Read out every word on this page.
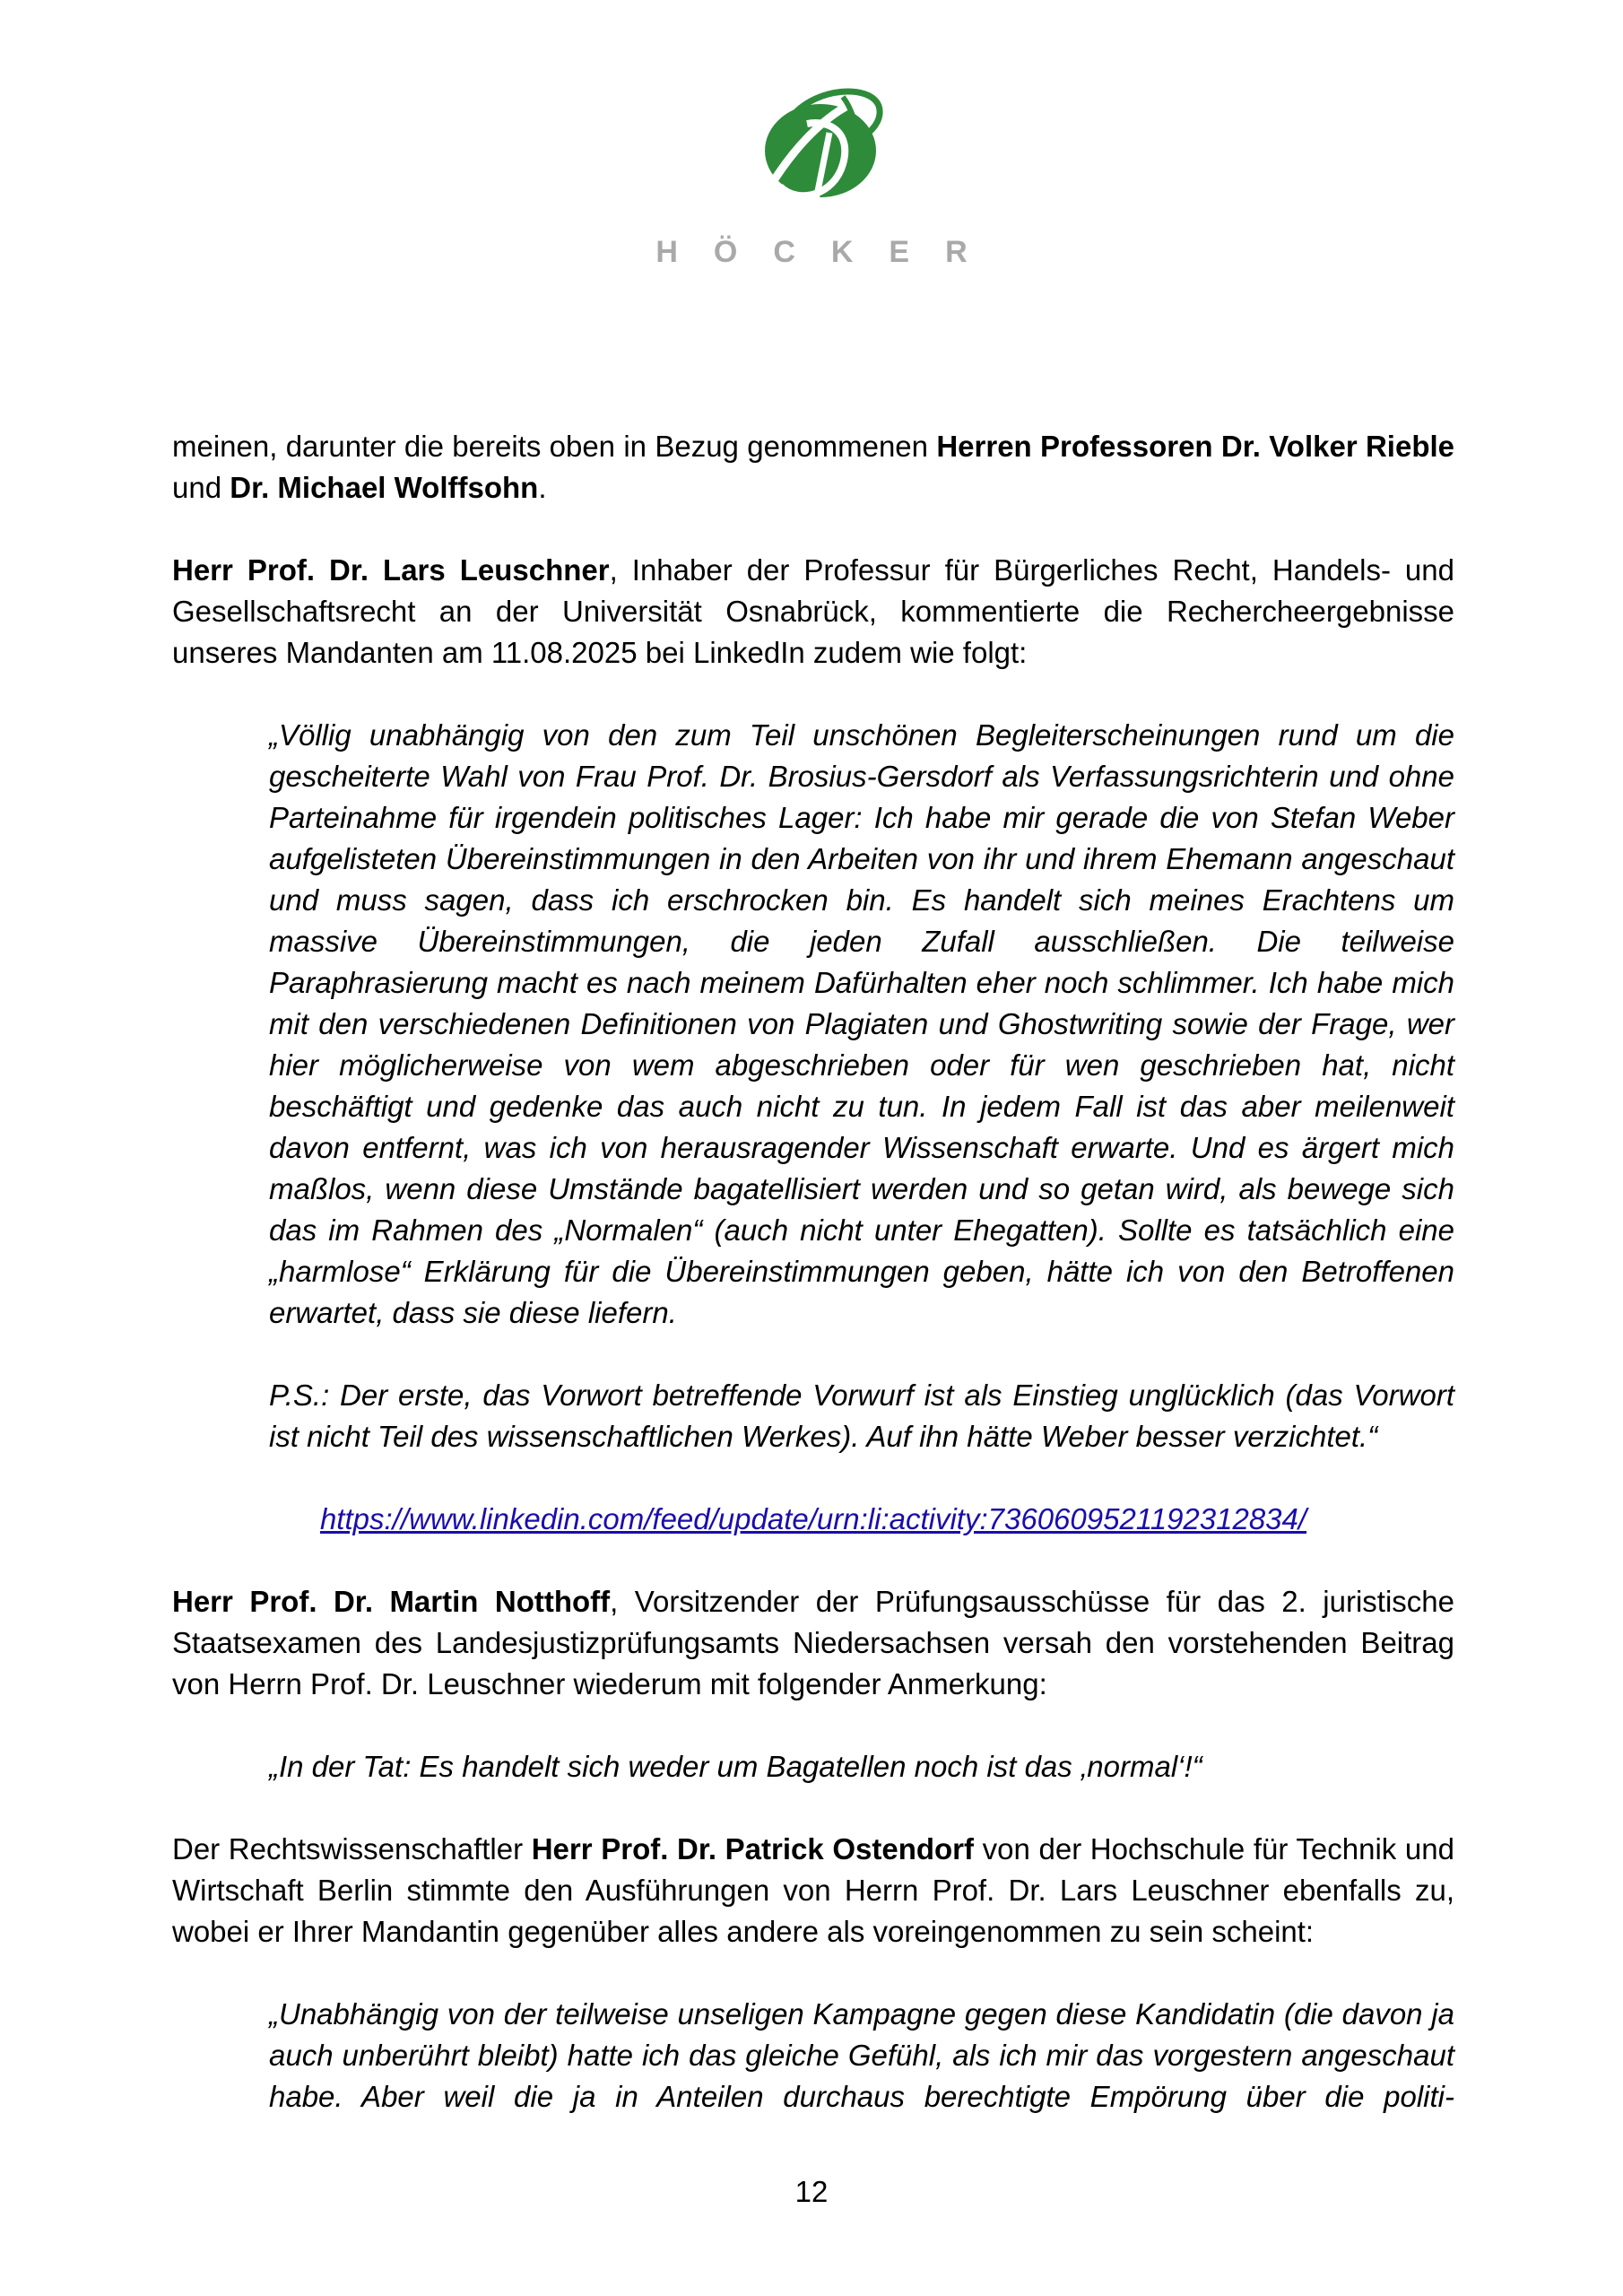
HÖCKER

meinen, darunter die bereits oben in Bezug genommenen Herren Professoren Dr. Volker Rieble und Dr. Michael Wolffsohn.

Herr Prof. Dr. Lars Leuschner, Inhaber der Professur für Bürgerliches Recht, Handels- und Gesellschaftsrecht an der Universität Osnabrück, kommentierte die Rechercheergebnisse unseres Mandanten am 11.08.2025 bei LinkedIn zudem wie folgt:

„Völlig unabhängig von den zum Teil unschönen Begleiterscheinungen rund um die gescheiterte Wahl von Frau Prof. Dr. Brosius-Gersdorf als Verfassungsrichterin und ohne Parteinahme für irgendein politisches Lager: Ich habe mir gerade die von Stefan Weber aufgelisteten Übereinstimmungen in den Arbeiten von ihr und ihrem Ehemann angeschaut und muss sagen, dass ich erschrocken bin. Es handelt sich meines Erachtens um massive Übereinstimmungen, die jeden Zufall ausschließen. Die teilweise Paraphrasierung macht es nach meinem Dafürhalten eher noch schlimmer. Ich habe mich mit den verschiedenen Definitionen von Plagiaten und Ghostwriting sowie der Frage, wer hier möglicherweise von wem abgeschrieben oder für wen geschrieben hat, nicht beschäftigt und gedenke das auch nicht zu tun. In jedem Fall ist das aber meilenweit davon entfernt, was ich von herausragender Wissenschaft erwarte. Und es ärgert mich maßlos, wenn diese Umstände bagatellisiert werden und so getan wird, als bewege sich das im Rahmen des „Normalen“ (auch nicht unter Ehegatten). Sollte es tatsächlich eine „harmlose“ Erklärung für die Übereinstimmungen geben, hätte ich von den Betroffenen erwartet, dass sie diese liefern.

P.S.: Der erste, das Vorwort betreffende Vorwurf ist als Einstieg unglücklich (das Vorwort ist nicht Teil des wissenschaftlichen Werkes). Auf ihn hätte Weber besser verzichtet.“

https://www.linkedin.com/feed/update/urn:li:activity:7360609521192312834/

Herr Prof. Dr. Martin Notthoff, Vorsitzender der Prüfungsausschüsse für das 2. juristische Staatsexamen des Landesjustizprüfungsamts Niedersachsen versah den vorstehenden Beitrag von Herrn Prof. Dr. Leuschner wiederum mit folgender Anmerkung:

„In der Tat: Es handelt sich weder um Bagatellen noch ist das ‚normal‘!“

Der Rechtswissenschaftler Herr Prof. Dr. Patrick Ostendorf von der Hochschule für Technik und Wirtschaft Berlin stimmte den Ausführungen von Herrn Prof. Dr. Lars Leuschner ebenfalls zu, wobei er Ihrer Mandantin gegenüber alles andere als voreingenommen zu sein scheint:

„Unabhängig von der teilweise unseligen Kampagne gegen diese Kandidatin (die davon ja auch unberührt bleibt) hatte ich das gleiche Gefühl, als ich mir das vorgestern angeschaut habe. Aber weil die ja in Anteilen durchaus berechtigte Empörung über die politi-

12
